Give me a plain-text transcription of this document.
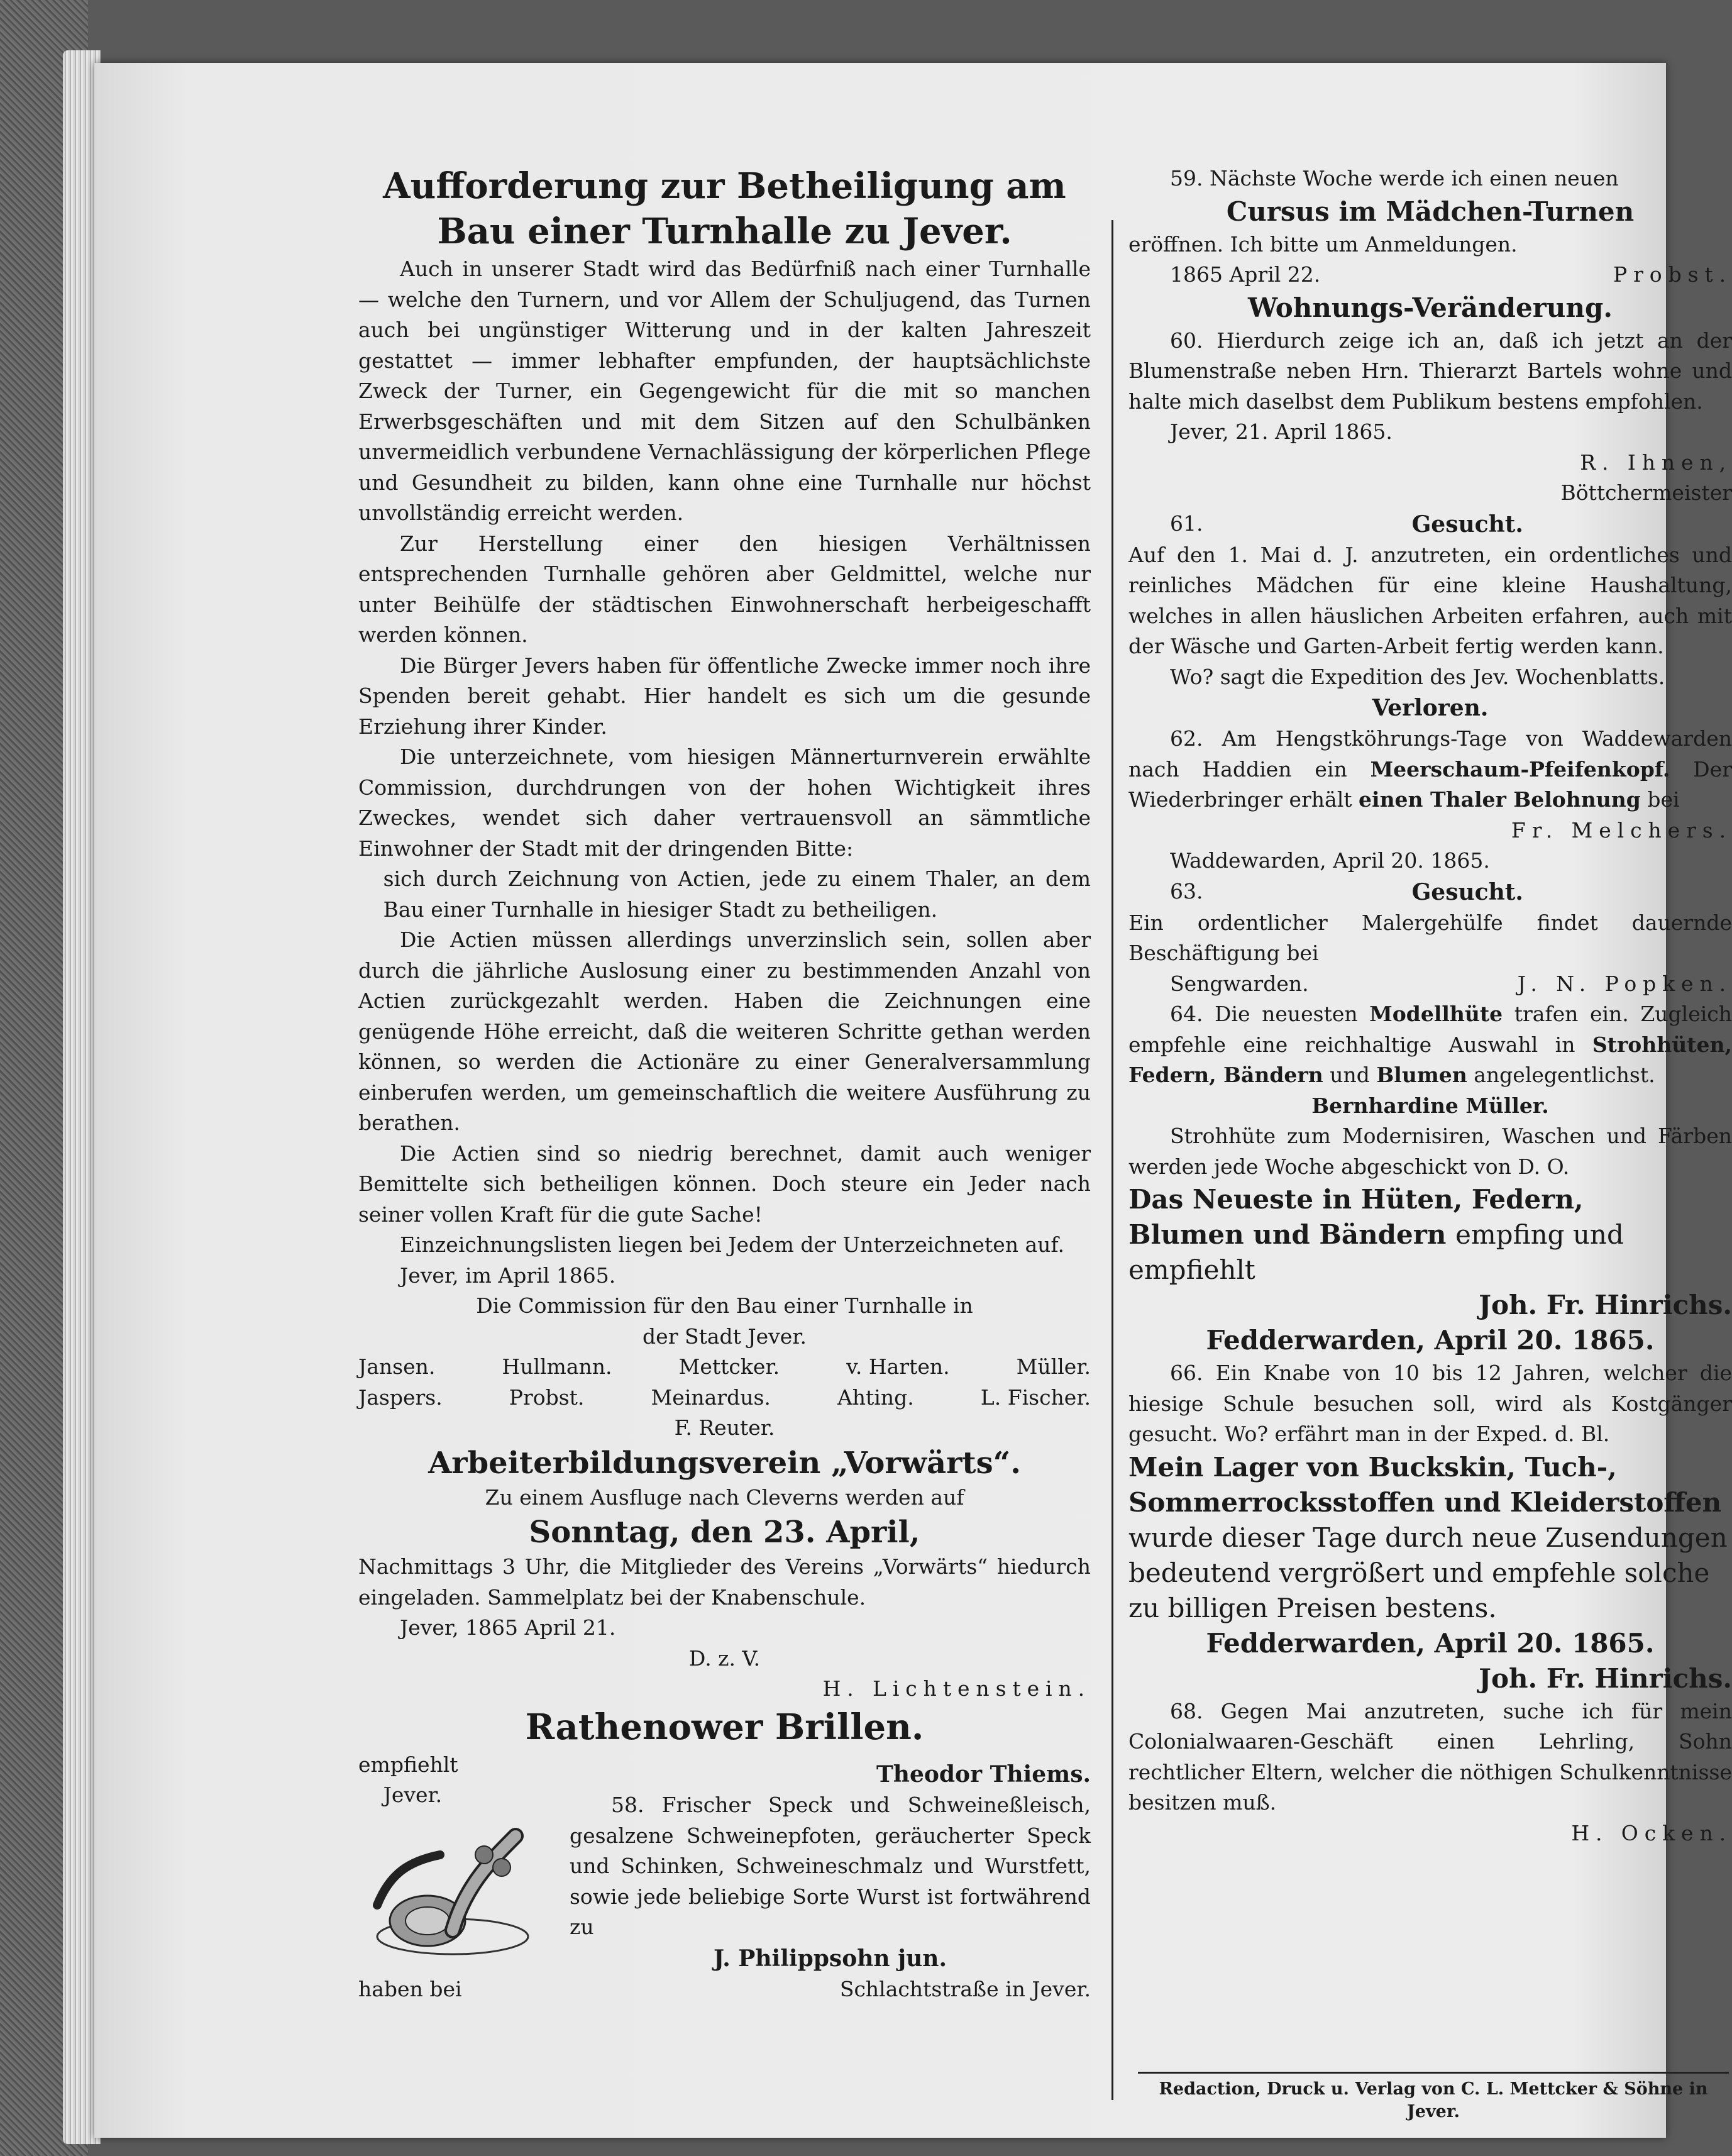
Aufforderung zur Betheiligung am
Bau einer Turnhalle zu Jever.

Auch in unserer Stadt wird das Bedürfniß nach einer Turnhalle — welche den Turnern, und vor Allem der Schuljugend, das Turnen auch bei ungünstiger Witterung und in der kalten Jahreszeit gestattet — immer lebhafter empfunden, der hauptsächlichste Zweck der Turner, ein Gegengewicht für die mit so manchen Erwerbsgeschäften und mit dem Sitzen auf den Schulbänken unvermeidlich verbundene Vernachlässigung der körperlichen Pflege und Gesundheit zu bilden, kann ohne eine Turnhalle nur höchst unvollständig erreicht werden.

Zur Herstellung einer den hiesigen Verhältnissen entsprechenden Turnhalle gehören aber Geldmittel, welche nur unter Beihülfe der städtischen Einwohnerschaft herbeigeschafft werden können.

Die Bürger Jevers haben für öffentliche Zwecke immer noch ihre Spenden bereit gehabt. Hier handelt es sich um die gesunde Erziehung ihrer Kinder.

Die unterzeichnete, vom hiesigen Männerturnverein erwählte Commission, durchdrungen von der hohen Wichtigkeit ihres Zweckes, wendet sich daher vertrauensvoll an sämmtliche Einwohner der Stadt mit der dringenden Bitte:

sich durch Zeichnung von Actien, jede zu einem Thaler, an dem Bau einer Turnhalle in hiesiger Stadt zu betheiligen.

Die Actien müssen allerdings unverzinslich sein, sollen aber durch die jährliche Auslosung einer zu bestimmenden Anzahl von Actien zurückgezahlt werden. Haben die Zeichnungen eine genügende Höhe erreicht, daß die weiteren Schritte gethan werden können, so werden die Actionäre zu einer Generalversammlung einberufen werden, um gemeinschaftlich die weitere Ausführung zu berathen.

Die Actien sind so niedrig berechnet, damit auch weniger Bemittelte sich betheiligen können. Doch steure ein Jeder nach seiner vollen Kraft für die gute Sache!

Einzeichnungslisten liegen bei Jedem der Unterzeichneten auf.

Jever, im April 1865.

Die Commission für den Bau einer Turnhalle in

der Stadt Jever.

Jansen.	Hullmann.	Mettcker.	v. Harten.	Müller.
Jaspers.	Probst.	Meinardus.	Ahting.	L. Fischer.

F. Reuter.

Arbeiterbildungsverein „Vorwärts“.

Zu einem Ausfluge nach Cleverns werden auf

Sonntag, den 23. April,

Nachmittags 3 Uhr, die Mitglieder des Vereins „Vorwärts“ hiedurch eingeladen. Sammelplatz bei der Knabenschule.

Jever, 1865 April 21.

D. z. V.

H. Lichtenstein.

Rathenower Brillen.

empfiehlt

Jever.

haben bei

Theodor Thiems.

58. Frischer Speck und Schweineßleisch, gesalzene Schweinepfoten, geräucherter Speck und Schinken, Schweineschmalz und Wurstfett, sowie jede beliebige Sorte Wurst ist fortwährend zu

J. Philippsohn jun.

Schlachtstraße in Jever.

59. Nächste Woche werde ich einen neuen

Cursus im Mädchen-Turnen

eröffnen. Ich bitte um Anmeldungen.

1865 April 22.	Probst.
Wohnungs-Veränderung.

60. Hierdurch zeige ich an, daß ich jetzt an der Blumenstraße neben Hrn. Thierarzt Bartels wohne und halte mich daselbst dem Publikum bestens empfohlen.

Jever, 21. April 1865.

R. Ihnen,

Böttchermeister

61.	Gesucht.

Auf den 1. Mai d. J. anzutreten, ein ordentliches und reinliches Mädchen für eine kleine Haushaltung, welches in allen häuslichen Arbeiten erfahren, auch mit der Wäsche und Garten-Arbeit fertig werden kann.

Wo? sagt die Expedition des Jev. Wochenblatts.

Verloren.

62. Am Hengstköhrungs-Tage von Waddewarden nach Haddien ein Meerschaum-Pfeifenkopf. Der Wiederbringer erhält einen Thaler Belohnung bei

Fr. Melchers.

Waddewarden, April 20. 1865.

63.	Gesucht.

Ein ordentlicher Malergehülfe findet dauernde Beschäftigung bei

Sengwarden.	J. N. Popken.

64. Die neuesten Modellhüte trafen ein. Zugleich empfehle eine reichhaltige Auswahl in Strohhüten, Federn, Bändern und Blumen angelegentlichst.

Bernhardine Müller.

Strohhüte zum Modernisiren, Waschen und Färben werden jede Woche abgeschickt von D. O.

Das Neueste in Hüten, Federn,
Blumen und Bändern empfing und empfiehlt
Joh. Fr. Hinrichs.
Fedderwarden, April 20. 1865.

66. Ein Knabe von 10 bis 12 Jahren, welcher die hiesige Schule besuchen soll, wird als Kostgänger gesucht. Wo? erfährt man in der Exped. d. Bl.

Mein Lager von Buckskin, Tuch-, Sommerrocksstoffen und Kleiderstoffen wurde dieser Tage durch neue Zusendungen bedeutend vergrößert und empfehle solche zu billigen Preisen bestens.
Fedderwarden, April 20. 1865.
Joh. Fr. Hinrichs.

68. Gegen Mai anzutreten, suche ich für mein Colonialwaaren-Geschäft einen Lehrling, Sohn rechtlicher Eltern, welcher die nöthigen Schulkenntnisse besitzen muß.

H. Ocken.

Redaction, Druck u. Verlag von C. L. Mettcker & Söhne in Jever.
